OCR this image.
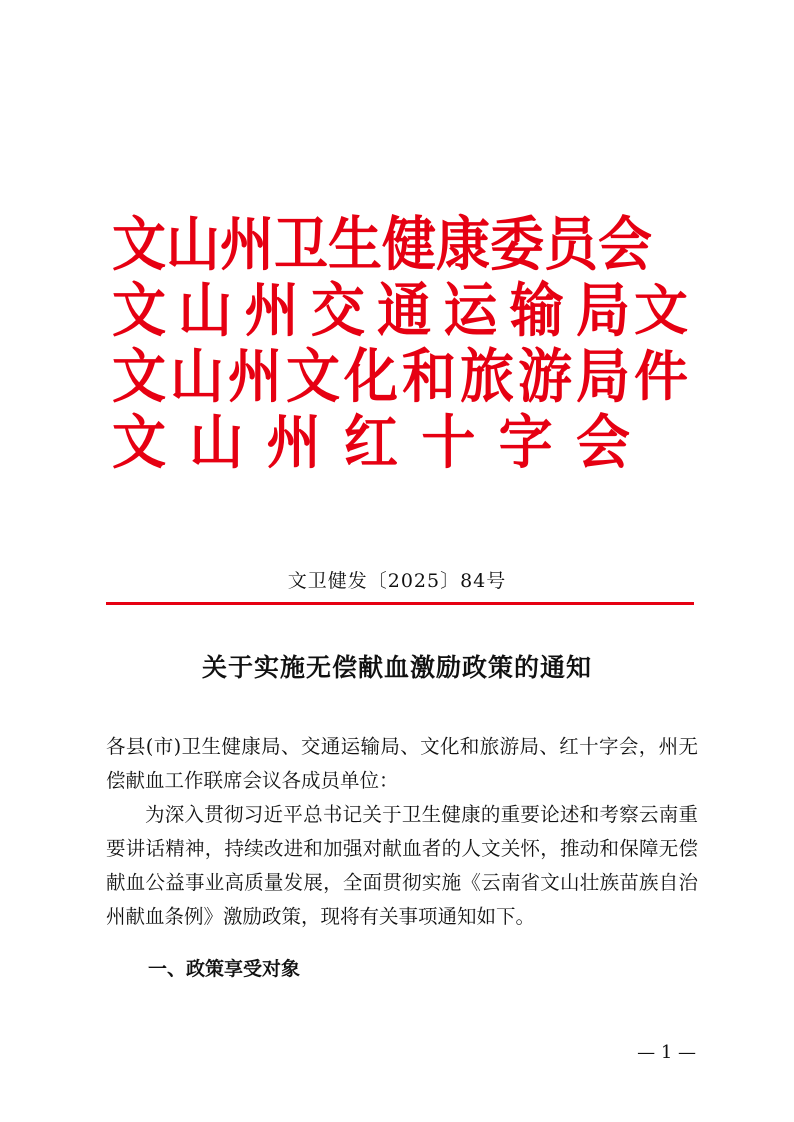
文 山 州 卫 生 健 康 委 员 会
文 山 州 交 通 运 输 局
文 山 州 文 化 和 旅 游 局
文 山 州 红 十 字 会
文
件
文卫健发〔2025〕84号
关于实施无偿献血激励政策的通知

各县(市)卫生健康局、交通运输局、文化和旅游局、红十字会，州无偿献血工作联席会议各成员单位：

为深入贯彻习近平总书记关于卫生健康的重要论述和考察云南重要讲话精神，持续改进和加强对献血者的人文关怀，推动和保障无偿献血公益事业高质量发展，全面贯彻实施《云南省文山壮族苗族自治州献血条例》激励政策，现将有关事项通知如下。

一、政策享受对象
— 1 —
